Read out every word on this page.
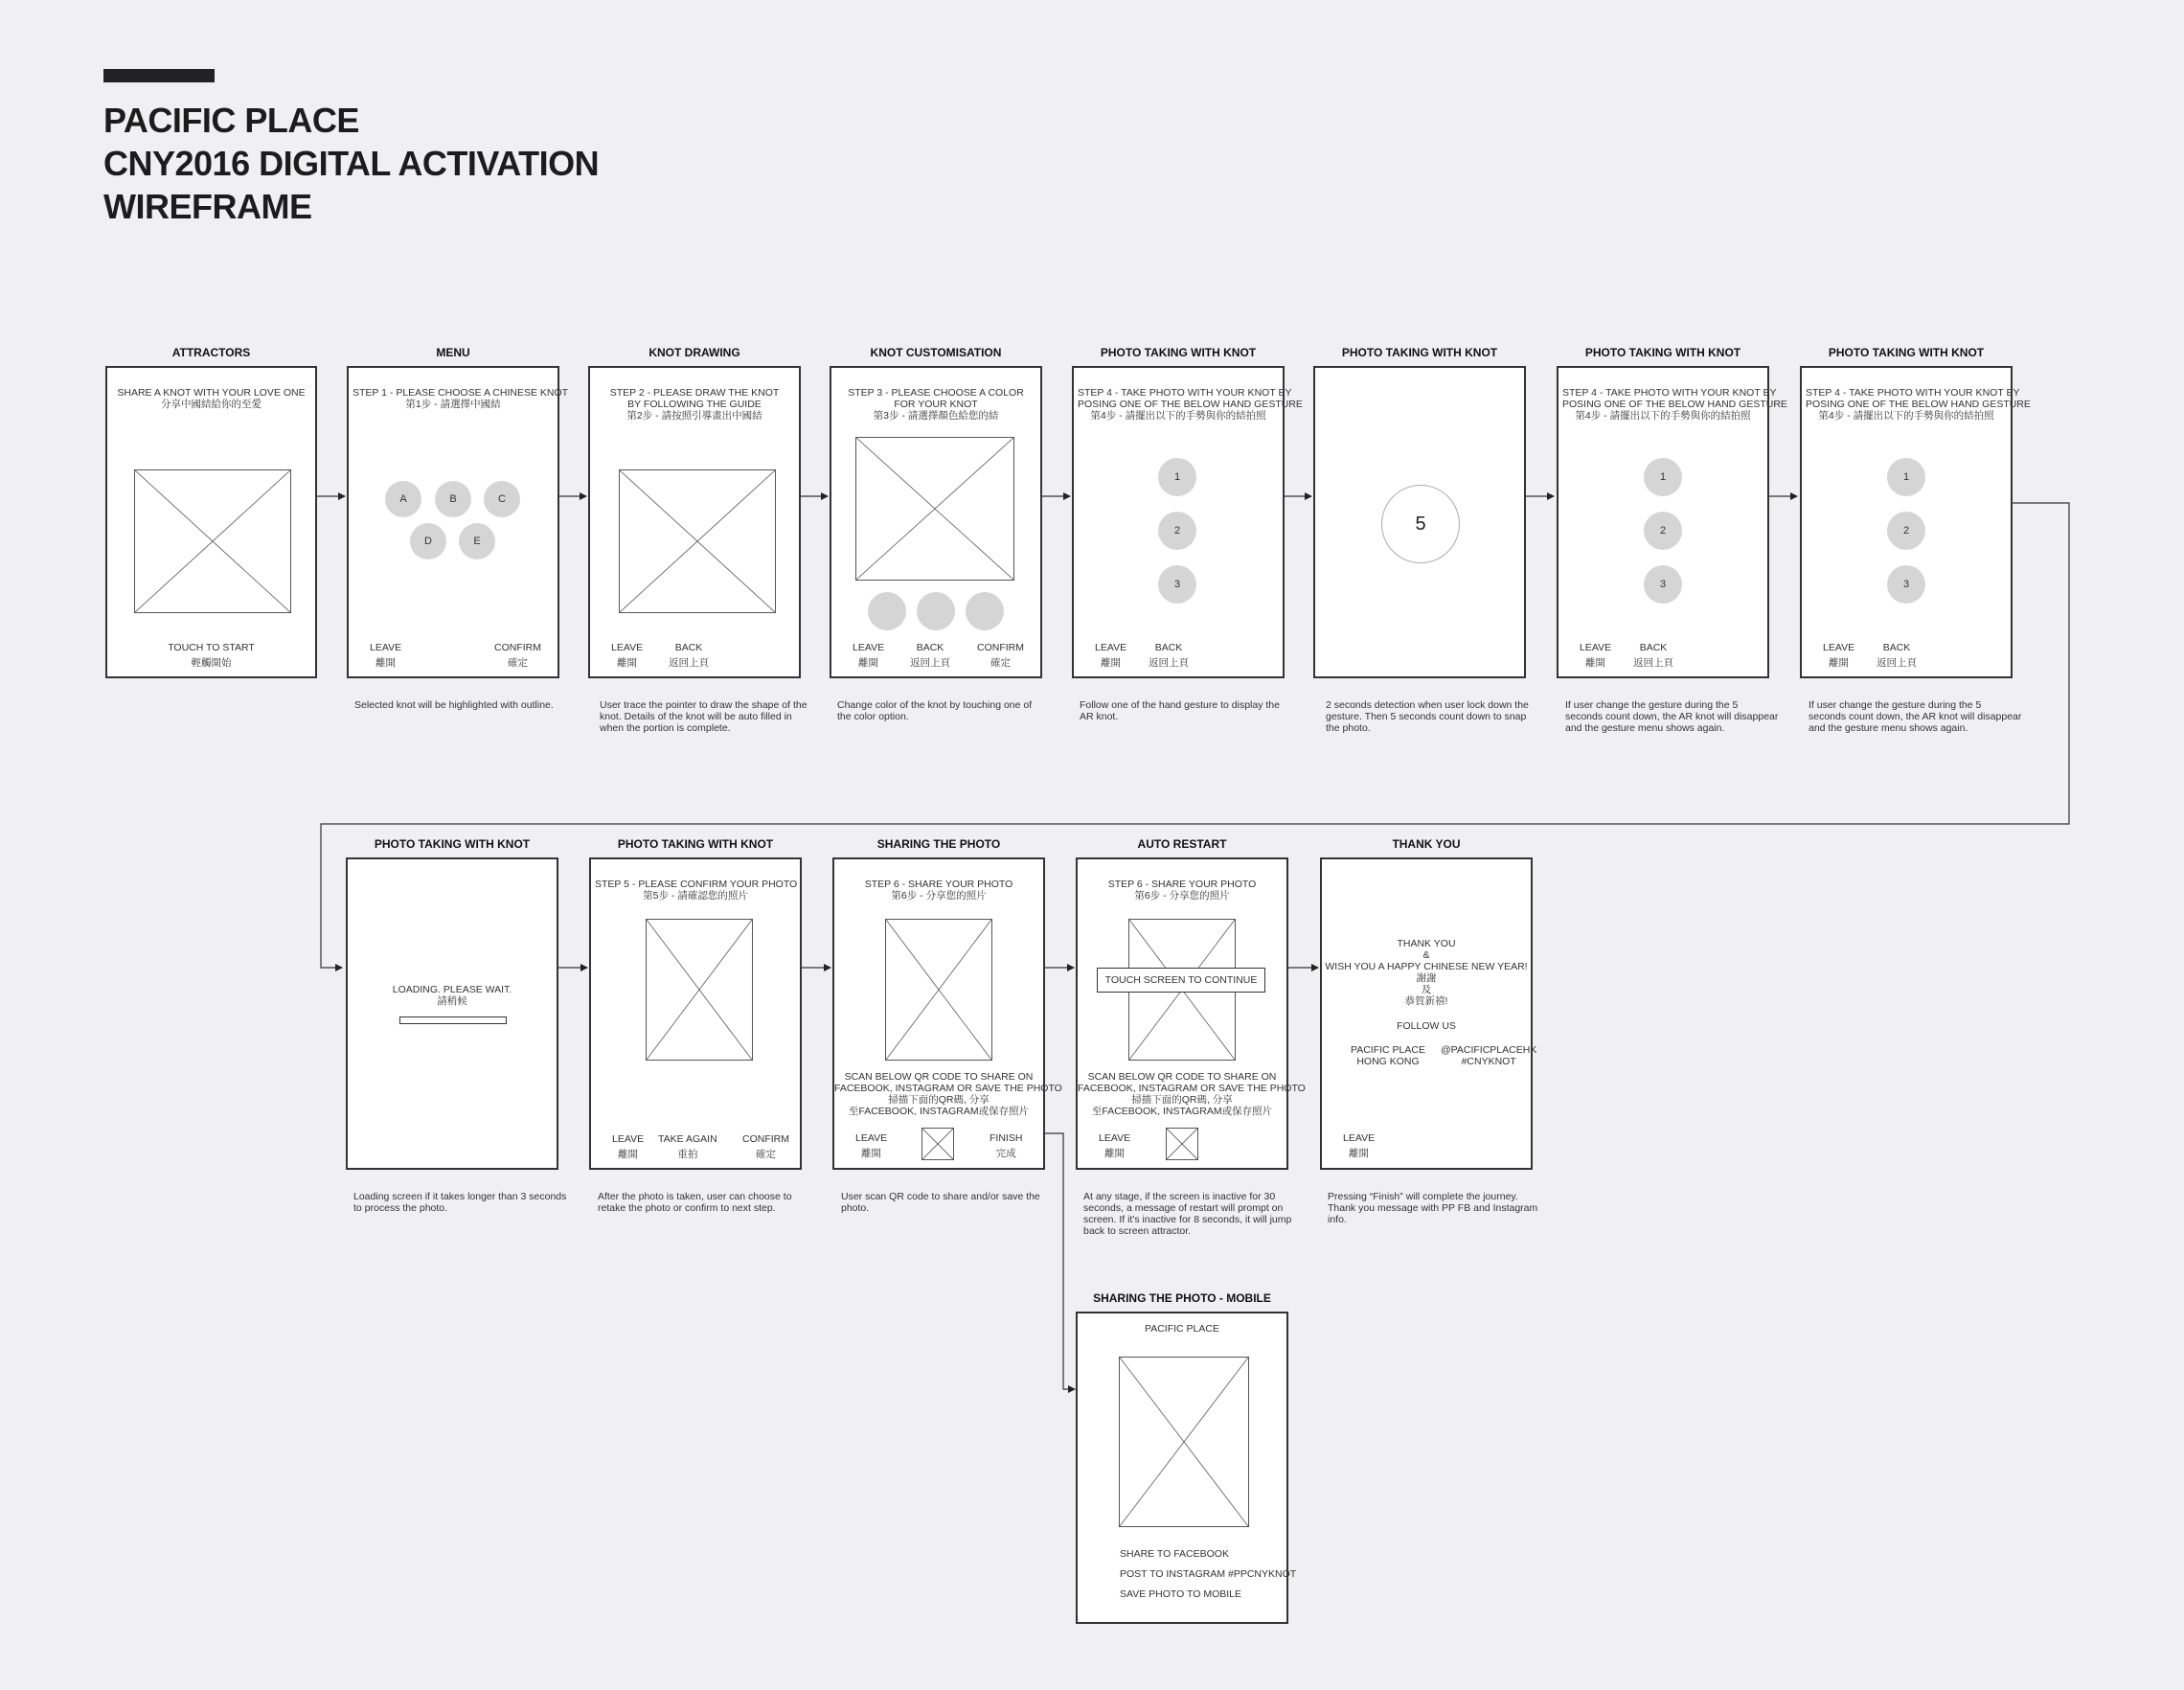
PACIFIC PLACE
CNY2016 DIGITAL ACTIVATION
WIREFRAME
ATTRACTORS
SHARE A KNOT WITH YOUR LOVE ONE
分享中國結給你的至愛
TOUCH TO START
輕觸開始
MENU
STEP 1 - PLEASE CHOOSE A CHINESE KNOT
第1步 - 請選擇中國結
A	B	C
D	E
LEAVE
離開
CONFIRM
確定
Selected knot will be highlighted with outline.
KNOT DRAWING
STEP 2 - PLEASE DRAW THE KNOT
BY FOLLOWING THE GUIDE
第2步 - 請按照引導畫出中國結
LEAVE
離開
BACK
返回上頁
User trace the pointer to draw the shape of the
knot. Details of the knot will be auto filled in
when the portion is complete.
KNOT CUSTOMISATION
STEP 3 - PLEASE CHOOSE A COLOR
FOR YOUR KNOT
第3步 - 請選擇顏色給您的結
LEAVE
離開
BACK
返回上頁
CONFIRM
確定
Change color of the knot by touching one of
the color option.
PHOTO TAKING WITH KNOT
STEP 4 - TAKE PHOTO WITH YOUR KNOT BY
POSING ONE OF THE BELOW HAND GESTURE
第4步 - 請擺出以下的手勢與你的結拍照
1
2
3
LEAVE
離開
BACK
返回上頁
Follow one of the hand gesture to display the
AR knot.
PHOTO TAKING WITH KNOT
5
2 seconds detection when user lock down the
gesture. Then 5 seconds count down to snap
the photo.
PHOTO TAKING WITH KNOT
STEP 4 - TAKE PHOTO WITH YOUR KNOT BY
POSING ONE OF THE BELOW HAND GESTURE
第4步 - 請擺出以下的手勢與你的結拍照
1
2
3
LEAVE
離開
BACK
返回上頁
If user change the gesture during the 5
seconds count down, the AR knot will disappear
and the gesture menu shows again.
PHOTO TAKING WITH KNOT
STEP 4 - TAKE PHOTO WITH YOUR KNOT BY
POSING ONE OF THE BELOW HAND GESTURE
第4步 - 請擺出以下的手勢與你的結拍照
1
2
3
LEAVE
離開
BACK
返回上頁
If user change the gesture during the 5
seconds count down, the AR knot will disappear
and the gesture menu shows again.
PHOTO TAKING WITH KNOT
LOADING. PLEASE WAIT.
請稍候
Loading screen if it takes longer than 3 seconds
to process the photo.
PHOTO TAKING WITH KNOT
STEP 5 - PLEASE CONFIRM YOUR PHOTO
第5步 - 請確認您的照片
LEAVE
離開
TAKE AGAIN
重拍
CONFIRM
確定
After the photo is taken, user can choose to
retake the photo or confirm to next step.
SHARING THE PHOTO
STEP 6 - SHARE YOUR PHOTO
第6步 - 分享您的照片
SCAN BELOW QR CODE TO SHARE ON
FACEBOOK, INSTAGRAM OR SAVE THE PHOTO
掃描下面的QR碼, 分享
至FACEBOOK, INSTAGRAM或保存照片
LEAVE
離開
FINISH
完成
User scan QR code to share and/or save the
photo.
AUTO RESTART
STEP 6 - SHARE YOUR PHOTO
第6步 - 分享您的照片
TOUCH SCREEN TO CONTINUE
SCAN BELOW QR CODE TO SHARE ON
FACEBOOK, INSTAGRAM OR SAVE THE PHOTO
掃描下面的QR碼, 分享
至FACEBOOK, INSTAGRAM或保存照片
LEAVE
離開
At any stage, if the screen is inactive for 30
seconds, a message of restart will prompt on
screen. If it's inactive for 8 seconds, it will jump
back to screen attractor.
THANK YOU
THANK YOU
&
WISH YOU A HAPPY CHINESE NEW YEAR!
謝謝
及
恭賀新禧!
FOLLOW US
PACIFIC PLACE
HONG KONG
@PACIFICPLACEHK
#CNYKNOT
LEAVE
離開
Pressing “Finish” will complete the journey.
Thank you message with PP FB and Instagram
info.
SHARING THE PHOTO - MOBILE
PACIFIC PLACE
SHARE TO FACEBOOK
POST TO INSTAGRAM #PPCNYKNOT
SAVE PHOTO TO MOBILE
